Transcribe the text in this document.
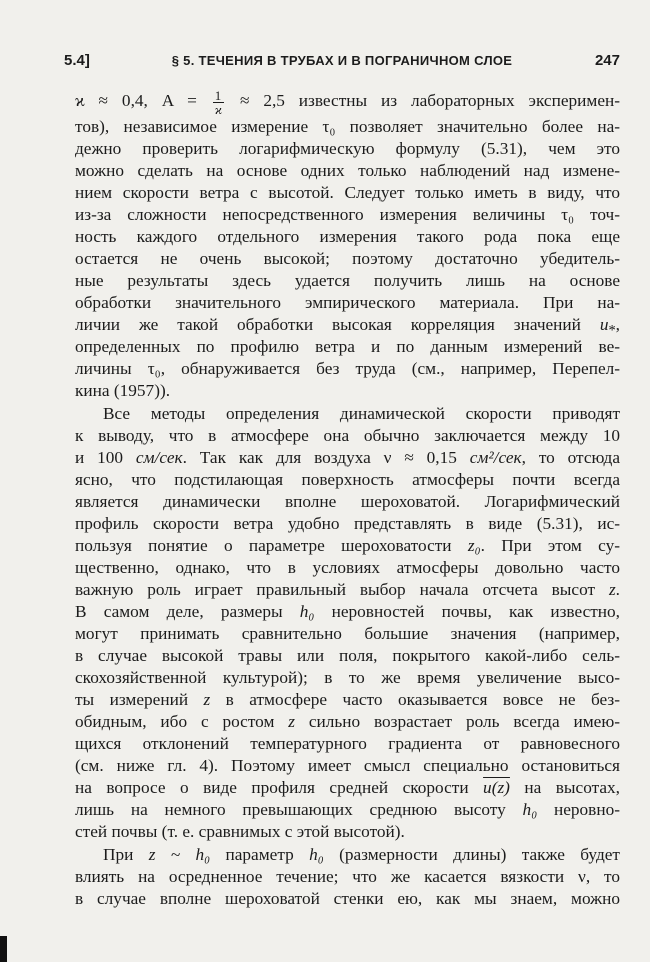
5.4]	§ 5. ТЕЧЕНИЯ В ТРУБАХ И В ПОГРАНИЧНОМ СЛОЕ	247
ϰ ≈ 0,4, $A = \frac{1}{ϰ} \approx 2,5$ известны из лабораторных эксперимен-
тов), независимое измерение τ₀ позволяет значительно более на-
дежно проверить логарифмическую формулу (5.31), чем это
можно сделать на основе одних только наблюдений над измене-
нием скорости ветра с высотой. Следует только иметь в виду, что
из-за сложности непосредственного измерения величины τ₀ точ-
ность каждого отдельного измерения такого рода пока еще
остается не очень высокой; поэтому достаточно убедитель-
ные результаты здесь удается получить лишь на основе
обработки значительного эмпирического материала. При на-
личии же такой обработки высокая корреляция значений $u_*$,
определенных по профилю ветра и по данным измерений ве-
личины τ₀, обнаруживается без труда (см., например, Перепел-
кина (1957)).
Все методы определения динамической скорости приводят
к выводу, что в атмосфере она обычно заключается между 10
и 100 см/сек. Так как для воздуха ν ≈ 0,15 см²/сек, то отсюда
ясно, что подстилающая поверхность атмосферы почти всегда
является динамически вполне шероховатой. Логарифмический
профиль скорости ветра удобно представлять в виде (5.31), ис-
пользуя понятие о параметре шероховатости z₀. При этом су-
щественно, однако, что в условиях атмосферы довольно часто
важную роль играет правильный выбор начала отсчета высот z.
В самом деле, размеры h₀ неровностей почвы, как известно,
могут принимать сравнительно большие значения (например,
в случае высокой травы или поля, покрытого какой-либо сель-
скохозяйственной культурой); в то же время увеличение высо-
ты измерений z в атмосфере часто оказывается вовсе не без-
обидным, ибо с ростом z сильно возрастает роль всегда имею-
щихся отклонений температурного градиента от равновесного
(см. ниже гл. 4). Поэтому имеет смысл специально остановиться
на вопросе о виде профиля средней скорости u(z) на высотах,
лишь на немного превышающих среднюю высоту h₀ неровно-
стей почвы (т. е. сравнимых с этой высотой).
При z ~ h₀ параметр h₀ (размерности длины) также будет
влиять на осредненное течение; что же касается вязкости ν, то
в случае вполне шероховатой стенки ею, как мы знаем, можно
